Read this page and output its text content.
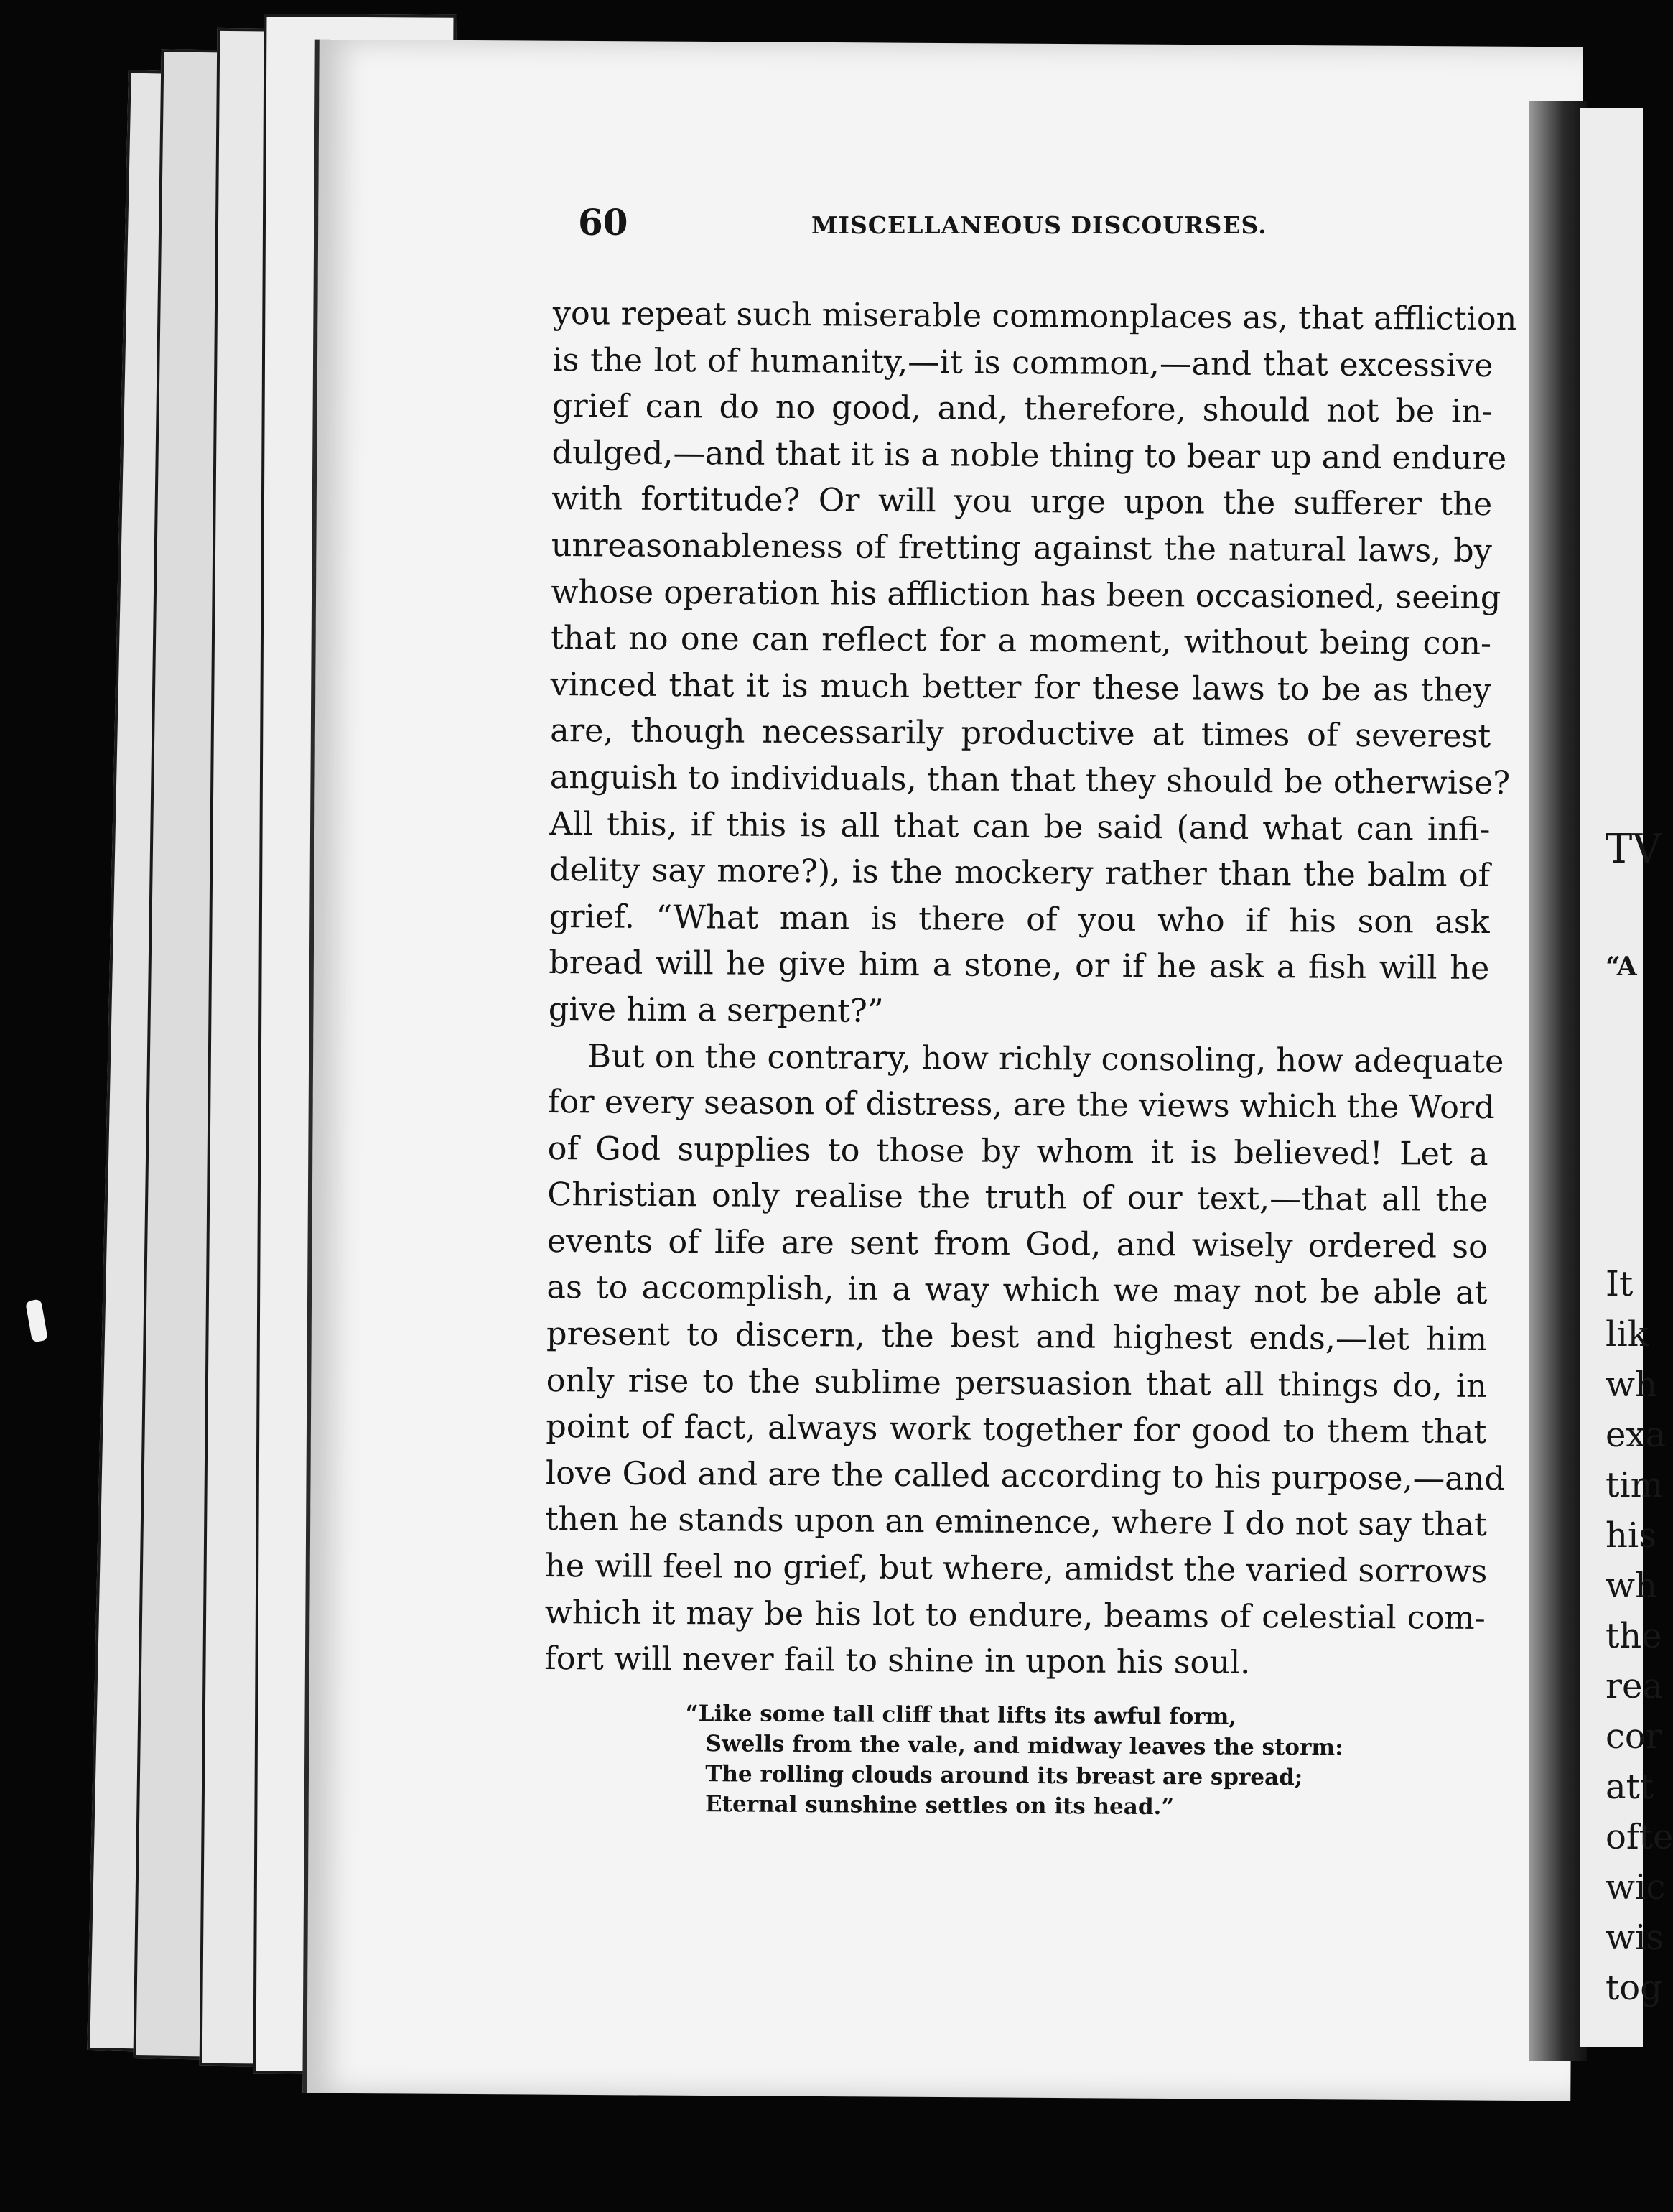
TV
“A
It
lik
wh
exa
tim
his
wh
the
rea
cor
att
ofte
wic
wis
tog
60	MISCELLANEOUS DISCOURSES.
you repeat such miserable commonplaces as, that affliction
is the lot of humanity,—it is common,—and that excessive
grief can do no good, and, therefore, should not be in-
dulged,—and that it is a noble thing to bear up and endure
with fortitude? Or will you urge upon the sufferer the
unreasonableness of fretting against the natural laws, by
whose operation his affliction has been occasioned, seeing
that no one can reflect for a moment, without being con-
vinced that it is much better for these laws to be as they
are, though necessarily productive at times of severest
anguish to individuals, than that they should be otherwise?
All this, if this is all that can be said (and what can infi-
delity say more?), is the mockery rather than the balm of
grief. “What man is there of you who if his son ask
bread will he give him a stone, or if he ask a fish will he
give him a serpent?”
But on the contrary, how richly consoling, how adequate
for every season of distress, are the views which the Word
of God supplies to those by whom it is believed! Let a
Christian only realise the truth of our text,—that all the
events of life are sent from God, and wisely ordered so
as to accomplish, in a way which we may not be able at
present to discern, the best and highest ends,—let him
only rise to the sublime persuasion that all things do, in
point of fact, always work together for good to them that
love God and are the called according to his purpose,—and
then he stands upon an eminence, where I do not say that
he will feel no grief, but where, amidst the varied sorrows
which it may be his lot to endure, beams of celestial com-
fort will never fail to shine in upon his soul.
“Like some tall cliff that lifts its awful form,
Swells from the vale, and midway leaves the storm:
The rolling clouds around its breast are spread;
Eternal sunshine settles on its head.”
